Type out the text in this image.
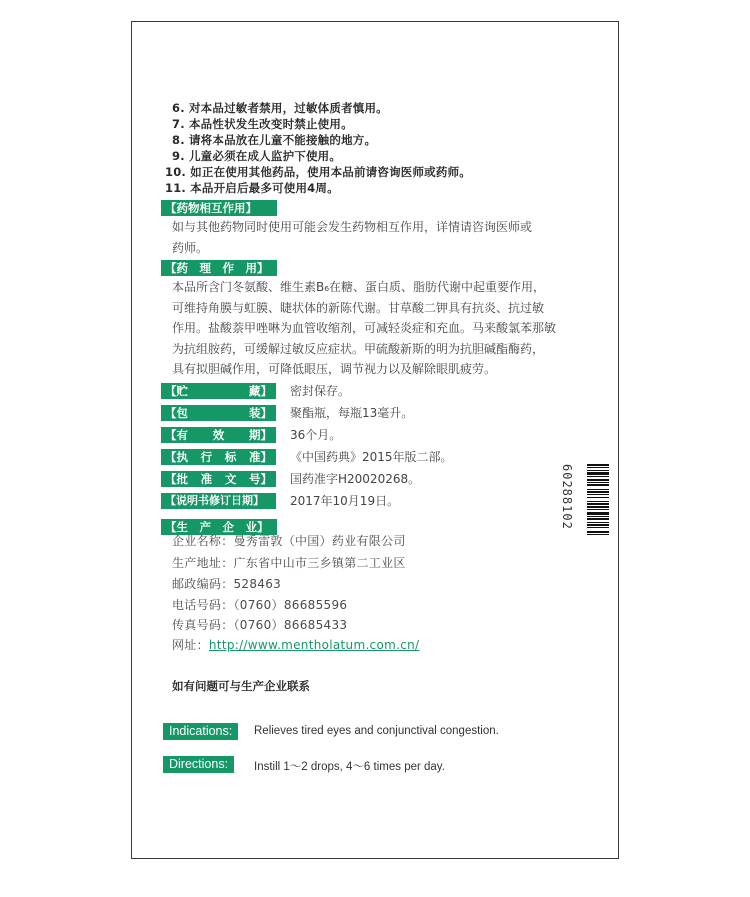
6. 对本品过敏者禁用，过敏体质者慎用。
7. 本品性状发生改变时禁止使用。
8. 请将本品放在儿童不能接触的地方。
9. 儿童必须在成人监护下使用。
10. 如正在使用其他药品，使用本品前请咨询医师或药师。
11. 本品开启后最多可使用4周。
【药物相互作用】
如与其他药物同时使用可能会发生药物相互作用，详情请咨询医师或
药师。
【药　理　作　用】
本品所含门冬氨酸、维生素B₆在糖、蛋白质、脂肪代谢中起重要作用，
可维持角膜与虹膜、睫状体的新陈代谢。甘草酸二钾具有抗炎、抗过敏
作用。盐酸萘甲唑啉为血管收缩剂，可减轻炎症和充血。马来酸氯苯那敏
为抗组胺药，可缓解过敏反应症状。甲硫酸新斯的明为抗胆碱酯酶药，
具有拟胆碱作用，可降低眼压，调节视力以及解除眼肌疲劳。
【贮	藏】 密封保存。
【包	装】 聚酯瓶，每瓶13毫升。
【有 效 期】 36个月。
【执 行 标 准】 《中国药典》2015年版二部。
【批 准 文 号】 国药准字H20020268。
【说明书修订日期】 2017年10月19日。
【生　产　企　业】
企业名称：曼秀雷敦（中国）药业有限公司
生产地址：广东省中山市三乡镇第二工业区
邮政编码：528463
电话号码：（0760）86685596
传真号码：（0760）86685433
网址：http://www.mentholatum.com.cn/
如有问题可与生产企业联系
Indications:	Relieves tired eyes and conjunctival congestion.
Directions:	Instill 1～2 drops, 4～6 times per day.
60288102
